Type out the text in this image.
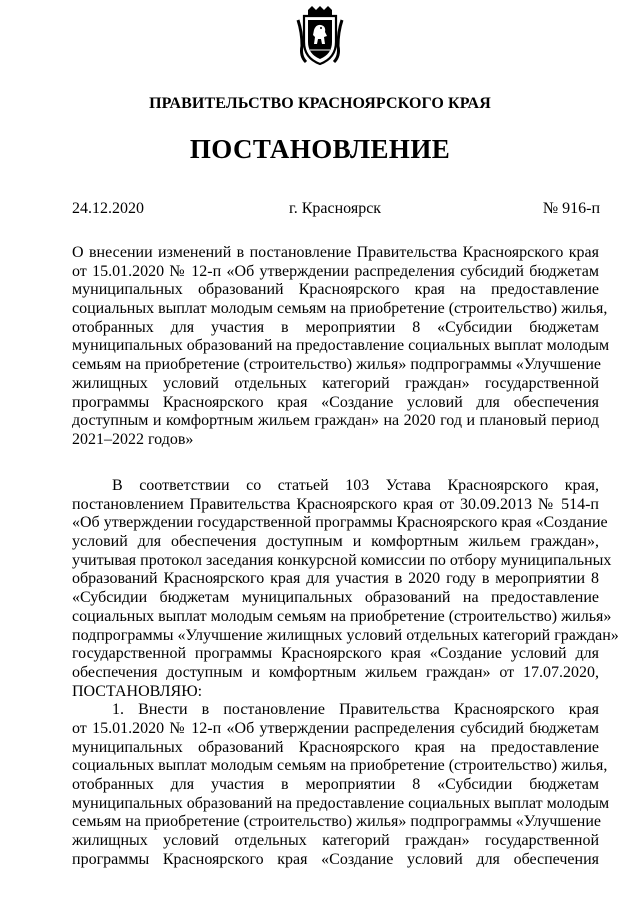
ПРАВИТЕЛЬСТВО КРАСНОЯРСКОГО КРАЯ
ПОСТАНОВЛЕНИЕ
24.12.2020	г. Красноярск	№ 916-п
О внесении изменений в постановление Правительства Красноярского края
от 15.01.2020 № 12-п «Об утверждении распределения субсидий бюджетам
муниципальных образований Красноярского края на предоставление
социальных выплат молодым семьям на приобретение (строительство) жилья,
отобранных для участия в мероприятии 8 «Субсидии бюджетам
муниципальных образований на предоставление социальных выплат молодым
семьям на приобретение (строительство) жилья» подпрограммы «Улучшение
жилищных условий отдельных категорий граждан» государственной
программы Красноярского края «Создание условий для обеспечения
доступным и комфортным жильем граждан» на 2020 год и плановый период
2021–2022 годов»
В соответствии со статьей 103 Устава Красноярского края,
постановлением Правительства Красноярского края от 30.09.2013 № 514-п
«Об утверждении государственной программы Красноярского края «Создание
условий для обеспечения доступным и комфортным жильем граждан»,
учитывая протокол заседания конкурсной комиссии по отбору муниципальных
образований Красноярского края для участия в 2020 году в мероприятии 8
«Субсидии бюджетам муниципальных образований на предоставление
социальных выплат молодым семьям на приобретение (строительство) жилья»
подпрограммы «Улучшение жилищных условий отдельных категорий граждан»
государственной программы Красноярского края «Создание условий для
обеспечения доступным и комфортным жильем граждан» от 17.07.2020,
ПОСТАНОВЛЯЮ:
1. Внести в постановление Правительства Красноярского края
от 15.01.2020 № 12-п «Об утверждении распределения субсидий бюджетам
муниципальных образований Красноярского края на предоставление
социальных выплат молодым семьям на приобретение (строительство) жилья,
отобранных для участия в мероприятии 8 «Субсидии бюджетам
муниципальных образований на предоставление социальных выплат молодым
семьям на приобретение (строительство) жилья» подпрограммы «Улучшение
жилищных условий отдельных категорий граждан» государственной
программы Красноярского края «Создание условий для обеспечения
